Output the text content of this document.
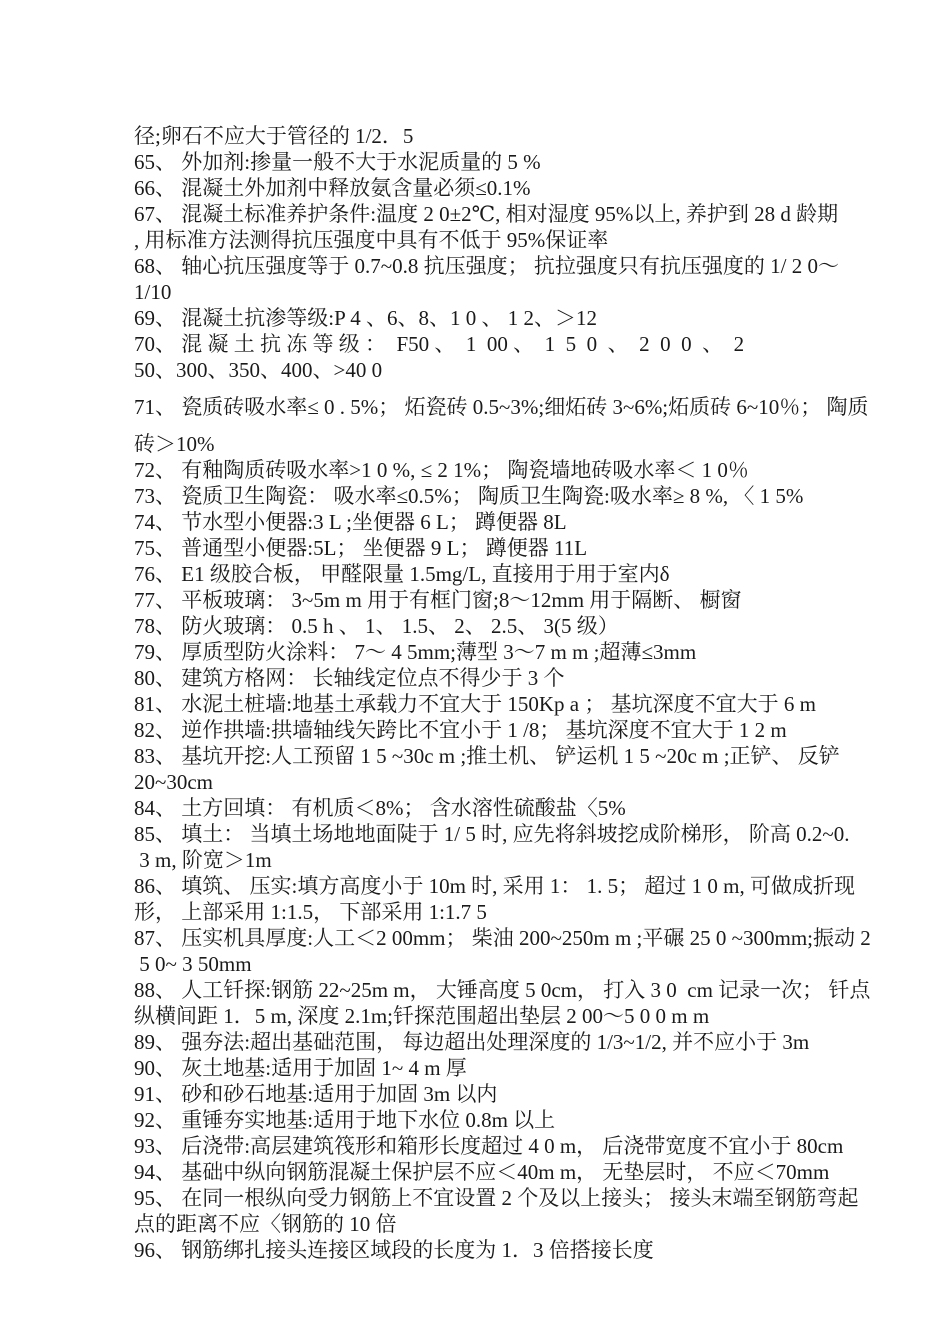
径;卵石不应大于管径的 1/2．5
65、 外加剂:掺量一般不大于水泥质量的 5 %
66、 混凝土外加剂中释放氨含量必须≤0.1%
67、 混凝土标准养护条件:温度 2 0±2℃, 相对湿度 95%以上, 养护到 28 d 龄期
, 用标准方法测得抗压强度中具有不低于 95%保证率
68、 轴心抗压强度等于 0.7~0.8 抗压强度； 抗拉强度只有抗压强度的 1/ 2 0～
1/10
69、 混凝土抗渗等级:P 4 、6、8、1 0 、 1 2、＞12
70、 混 凝 土 抗 冻 等 级 ：  F50 、  1  00 、  1  5  0  、  2  0  0  、  2
50、300、350、400、>40 0
71、 瓷质砖吸水率≤ 0 . 5%； 炻瓷砖 0.5~3%;细炻砖 3~6%;炻质砖 6~10％； 陶质
砖＞10%
72、 有釉陶质砖吸水率>1 0 %, ≤ 2 1%； 陶瓷墙地砖吸水率＜ 1 0％
73、 瓷质卫生陶瓷： 吸水率≤0.5%； 陶质卫生陶瓷:吸水率≥ 8 %, 〈 1 5%
74、 节水型小便器:3 L ;坐便器 6 L； 蹲便器 8L
75、 普通型小便器:5L； 坐便器 9 L； 蹲便器 11L
76、 E1 级胶合板， 甲醛限量 1.5mg/L, 直接用于用于室内δ
77、 平板玻璃： 3~5m m 用于有框门窗;8～12mm 用于隔断、 橱窗
78、 防火玻璃： 0.5 h 、 1、 1.5、 2、 2.5、 3(5 级）
79、 厚质型防火涂料： 7～ 4 5mm;薄型 3～7 m m ;超薄≤3mm
80、 建筑方格网： 长轴线定位点不得少于 3 个
81、 水泥土桩墙:地基土承载力不宜大于 150Kp a ； 基坑深度不宜大于 6 m
82、 逆作拱墙:拱墙轴线矢跨比不宜小于 1 /8； 基坑深度不宜大于 1 2 m
83、 基坑开挖:人工预留 1 5 ~30c m ;推土机、 铲运机 1 5 ~20c m ;正铲、 反铲
20~30cm
84、 土方回填： 有机质＜8%； 含水溶性硫酸盐〈5%
85、 填土： 当填土场地地面陡于 1/ 5 时, 应先将斜坡挖成阶梯形， 阶高 0.2~0.
3 m, 阶宽＞1m
86、 填筑、 压实:填方高度小于 10m 时, 采用 1： 1. 5； 超过 1 0 m, 可做成折现
形， 上部采用 1:1.5， 下部采用 1:1.7 5
87、 压实机具厚度:人工＜2 00mm； 柴油 200~250m m ;平碾 25 0 ~300mm;振动 2
5 0~ 3 50mm
88、 人工钎探:钢筋 22~25m m， 大锤高度 5 0cm， 打入 3 0  cm 记录一次； 钎点
纵横间距 1．5 m, 深度 2.1m;钎探范围超出垫层 2 00～5 0 0 m m
89、 强夯法:超出基础范围， 每边超出处理深度的 1/3~1/2, 并不应小于 3m
90、 灰土地基:适用于加固 1~ 4 m 厚
91、 砂和砂石地基:适用于加固 3m 以内
92、 重锤夯实地基:适用于地下水位 0.8m 以上
93、 后浇带:高层建筑筏形和箱形长度超过 4 0 m， 后浇带宽度不宜小于 80cm
94、 基础中纵向钢筋混凝土保护层不应＜40m m， 无垫层时， 不应＜70mm
95、 在同一根纵向受力钢筋上不宜设置 2 个及以上接头； 接头末端至钢筋弯起
点的距离不应〈钢筋的 10 倍
96、 钢筋绑扎接头连接区域段的长度为 1．3 倍搭接长度
